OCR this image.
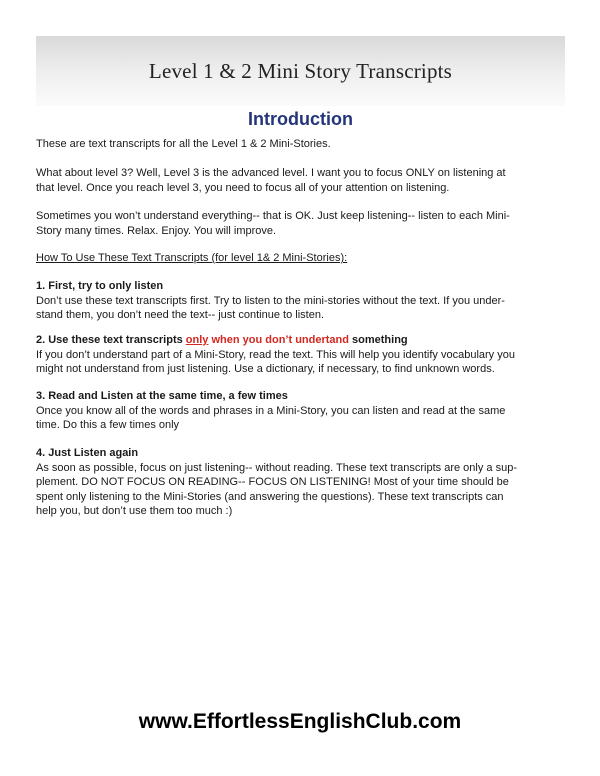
Level 1 & 2 Mini Story Transcripts
Introduction

These are text transcripts for all the Level 1 & 2 Mini-Stories.

What about level 3? Well, Level 3 is the advanced level. I want you to focus ONLY on listening at
that level. Once you reach level 3, you need to focus all of your attention on listening.

Sometimes you won’t understand everything-- that is OK. Just keep listening-- listen to each Mini-
Story many times. Relax. Enjoy. You will improve.

How To Use These Text Transcripts (for level 1& 2 Mini-Stories):

1. First, try to only listen
Don’t use these text transcripts first. Try to listen to the mini-stories without the text. If you under-
stand them, you don’t need the text-- just continue to listen.

2. Use these text transcripts only when you don’t undertand something
If you don’t understand part of a Mini-Story, read the text. This will help you identify vocabulary you
might not understand from just listening. Use a dictionary, if necessary, to find unknown words.

3. Read and Listen at the same time, a few times
Once you know all of the words and phrases in a Mini-Story, you can listen and read at the same
time. Do this a few times only

4. Just Listen again
As soon as possible, focus on just listening-- without reading. These text transcripts are only a sup-
plement. DO NOT FOCUS ON READING-- FOCUS ON LISTENING! Most of your time should be
spent only listening to the Mini-Stories (and answering the questions). These text transcripts can
help you, but don’t use them too much :)

www.EffortlessEnglishClub.com
